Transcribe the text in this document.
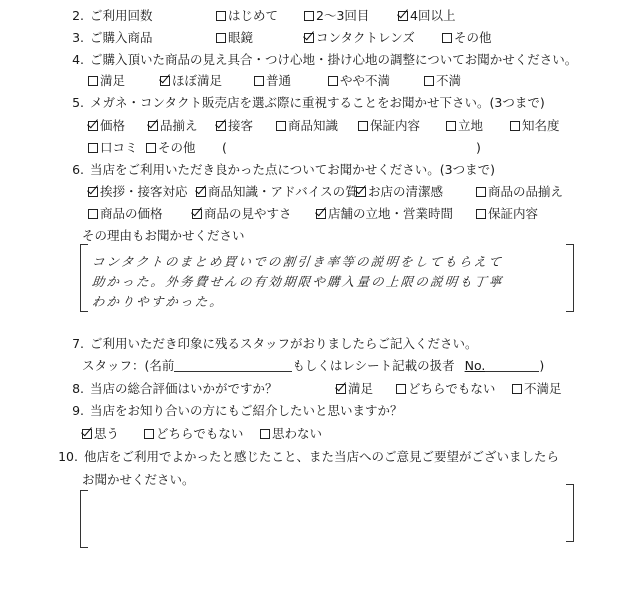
2. ご利用回数	はじめて	2～3回目	4回以上
3. ご購入商品	眼鏡	コンタクトレンズ	その他
4. ご購入頂いた商品の見え具合・つけ心地・掛け心地の調整についてお聞かせください。
満足	ほぼ満足	普通	やや不満	不満
5. メガネ・コンタクト販売店を選ぶ際に重視することをお聞かせ下さい。(3つまで)
価格	品揃え	接客	商品知識	保証内容	立地	知名度
口コミ	その他 (	)
6. 当店をご利用いただき良かった点についてお聞かせください。(3つまで)
挨拶・接客対応	商品知識・アドバイスの質 お店の清潔感	商品の品揃え
商品の価格	商品の見やすさ	店舗の立地・営業時間	保証内容
その理由もお聞かせください
コンタクトのまとめ買いでの割引き率等の説明をしてもらえて
助かった。外务費せんの有効期限や購入量の上限の説明も丁寧
わかりやすかった。
7. ご利用いただき印象に残るスタッフがおりましたらご記入ください。
スタッフ：(名前	もしくはレシート記載の扱者 No.	)
8. 当店の総合評価はいかがですか？	満足	どちらでもない	不満足
9. 当店をお知り合いの方にもご紹介したいと思いますか？
思う	どちらでもない	思わない
10. 他店をご利用でよかったと感じたこと、また当店へのご意見ご要望がございましたら
お聞かせください。
